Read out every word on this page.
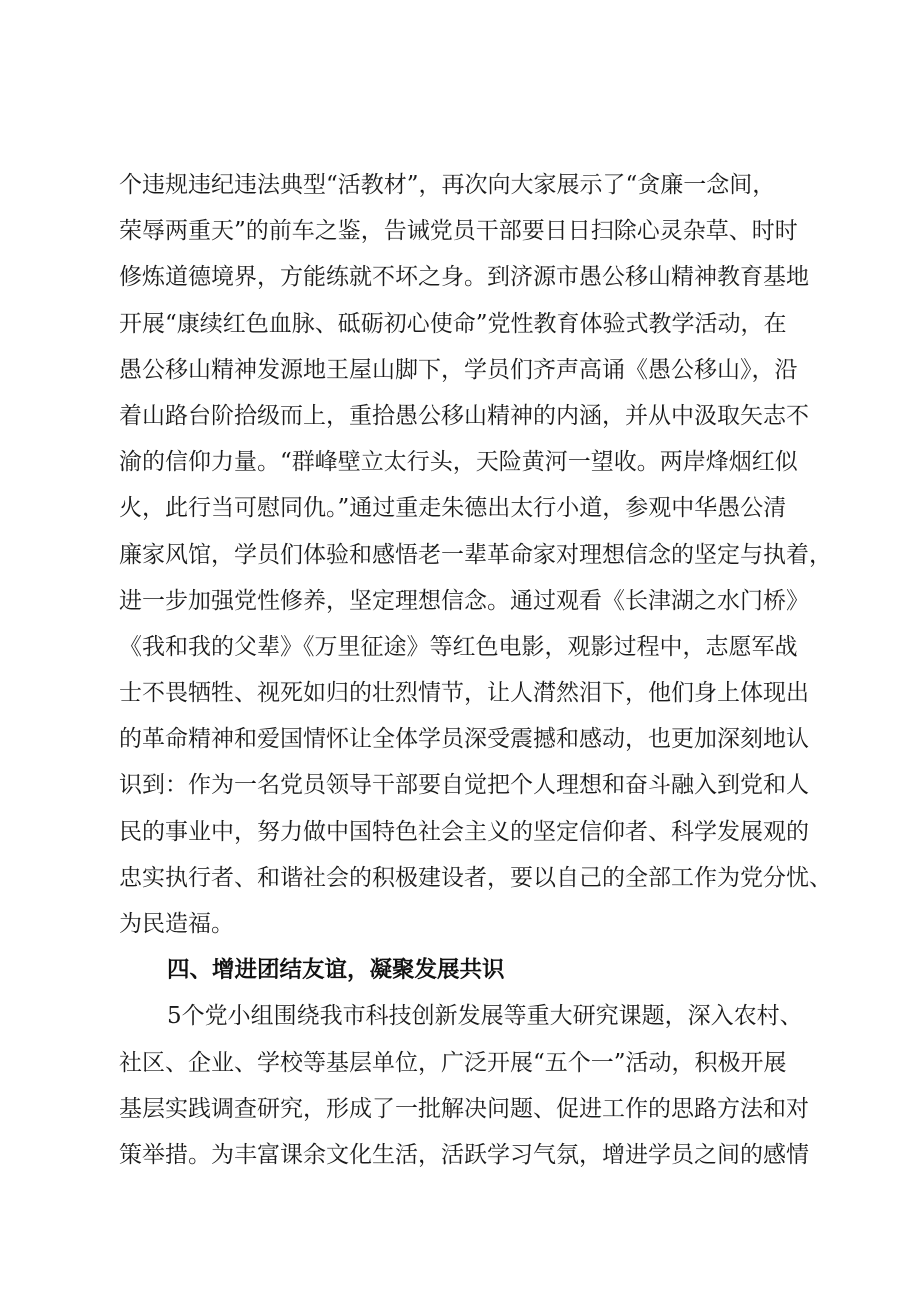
个违规违纪违法典型“活教材”，再次向大家展示了“贪廉一念间，
荣辱两重天”的前车之鉴，告诫党员干部要日日扫除心灵杂草、时时
修炼道德境界，方能练就不坏之身。到济源市愚公移山精神教育基地
开展“康续红色血脉、砥砺初心使命”党性教育体验式教学活动，在
愚公移山精神发源地王屋山脚下，学员们齐声高诵《愚公移山》，沿
着山路台阶拾级而上，重拾愚公移山精神的内涵，并从中汲取矢志不
渝的信仰力量。“群峰壁立太行头，天险黄河一望收。两岸烽烟红似
火，此行当可慰同仇。”通过重走朱德出太行小道，参观中华愚公清
廉家风馆，学员们体验和感悟老一辈革命家对理想信念的坚定与执着，
进一步加强党性修养，坚定理想信念。通过观看《长津湖之水门桥》
《我和我的父辈》《万里征途》等红色电影，观影过程中，志愿军战
士不畏牺牲、视死如归的壮烈情节，让人潸然泪下，他们身上体现出
的革命精神和爱国情怀让全体学员深受震撼和感动，也更加深刻地认
识到：作为一名党员领导干部要自觉把个人理想和奋斗融入到党和人
民的事业中，努力做中国特色社会主义的坚定信仰者、科学发展观的
忠实执行者、和谐社会的积极建设者，要以自己的全部工作为党分忧、
为民造福。
四、增进团结友谊，凝聚发展共识
5个党小组围绕我市科技创新发展等重大研究课题，深入农村、
社区、企业、学校等基层单位，广泛开展“五个一”活动，积极开展
基层实践调查研究，形成了一批解决问题、促进工作的思路方法和对
策举措。为丰富课余文化生活，活跃学习气氛，增进学员之间的感情
